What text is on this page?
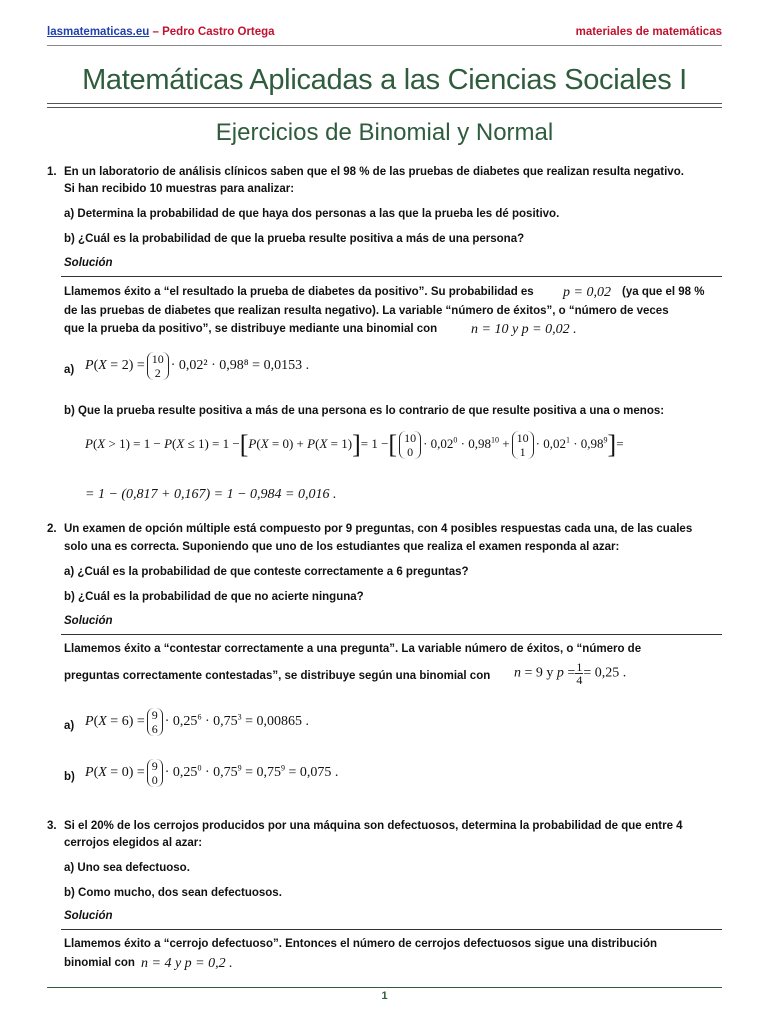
lasmatematicas.eu – Pedro Castro Ortega	materiales de matemáticas
Matemáticas Aplicadas a las Ciencias Sociales I
Ejercicios de Binomial y Normal
1. En un laboratorio de análisis clínicos saben que el 98 % de las pruebas de diabetes que realizan resulta negativo.
Si han recibido 10 muestras para analizar:
a) Determina la probabilidad de que haya dos personas a las que la prueba les dé positivo.
b) ¿Cuál es la probabilidad de que la prueba resulte positiva a más de una persona?
Solución
Llamemos éxito a “el resultado la prueba de diabetes da positivo”. Su probabilidad es p = 0,02 (ya que el 98 %
de las pruebas de diabetes que realizan resulta negativo). La variable “número de éxitos”, o “número de veces
que la prueba da positivo”, se distribuye mediante una binomial con n = 10 y p = 0,02 .
a) P(X = 2) = 10
2 · 0,02² · 0,98⁸ = 0,0153 .
b) Que la prueba resulte positiva a más de una persona es lo contrario de que resulte positiva a una o menos:
P(X > 1) = 1 − P(X ≤ 1) = 1 −[P(X = 0) + P(X = 1)]= 1 −[ 10
0
· $0,02^0 \cdot 0,98^{10} + 10$
1
· $0,02^1 \cdot 0,98^9]=$
= 1 − (0,817 + 0,167) = 1 − 0,984 = 0,016 .
2. Un examen de opción múltiple está compuesto por 9 preguntas, con 4 posibles respuestas cada una, de las cuales
solo una es correcta. Suponiendo que uno de los estudiantes que realiza el examen responda al azar:
a) ¿Cuál es la probabilidad de que conteste correctamente a 6 preguntas?
b) ¿Cuál es la probabilidad de que no acierte ninguna?
Solución
Llamemos éxito a “contestar correctamente a una pregunta”. La variable número de éxitos, o “número de
preguntas correctamente contestadas”, se distribuye según una binomial con n = 9 y $p = \frac{1}{4} = 0,25$ .
a) P(X = 6) = 9
$6 \cdot 0,25^6 \cdot 0,75^3 = 0,00865$ .
b) P(X = 0) = 9
$0 \cdot 0,25^0 \cdot 0,75^9 = 0,75^9 = 0,075$ .
3. Si el 20% de los cerrojos producidos por una máquina son defectuosos, determina la probabilidad de que entre 4
cerrojos elegidos al azar:
a) Uno sea defectuoso.
b) Como mucho, dos sean defectuosos.
Solución
Llamemos éxito a “cerrojo defectuoso”. Entonces el número de cerrojos defectuosos sigue una distribución
binomial con n = 4 y p = 0,2 .
1
